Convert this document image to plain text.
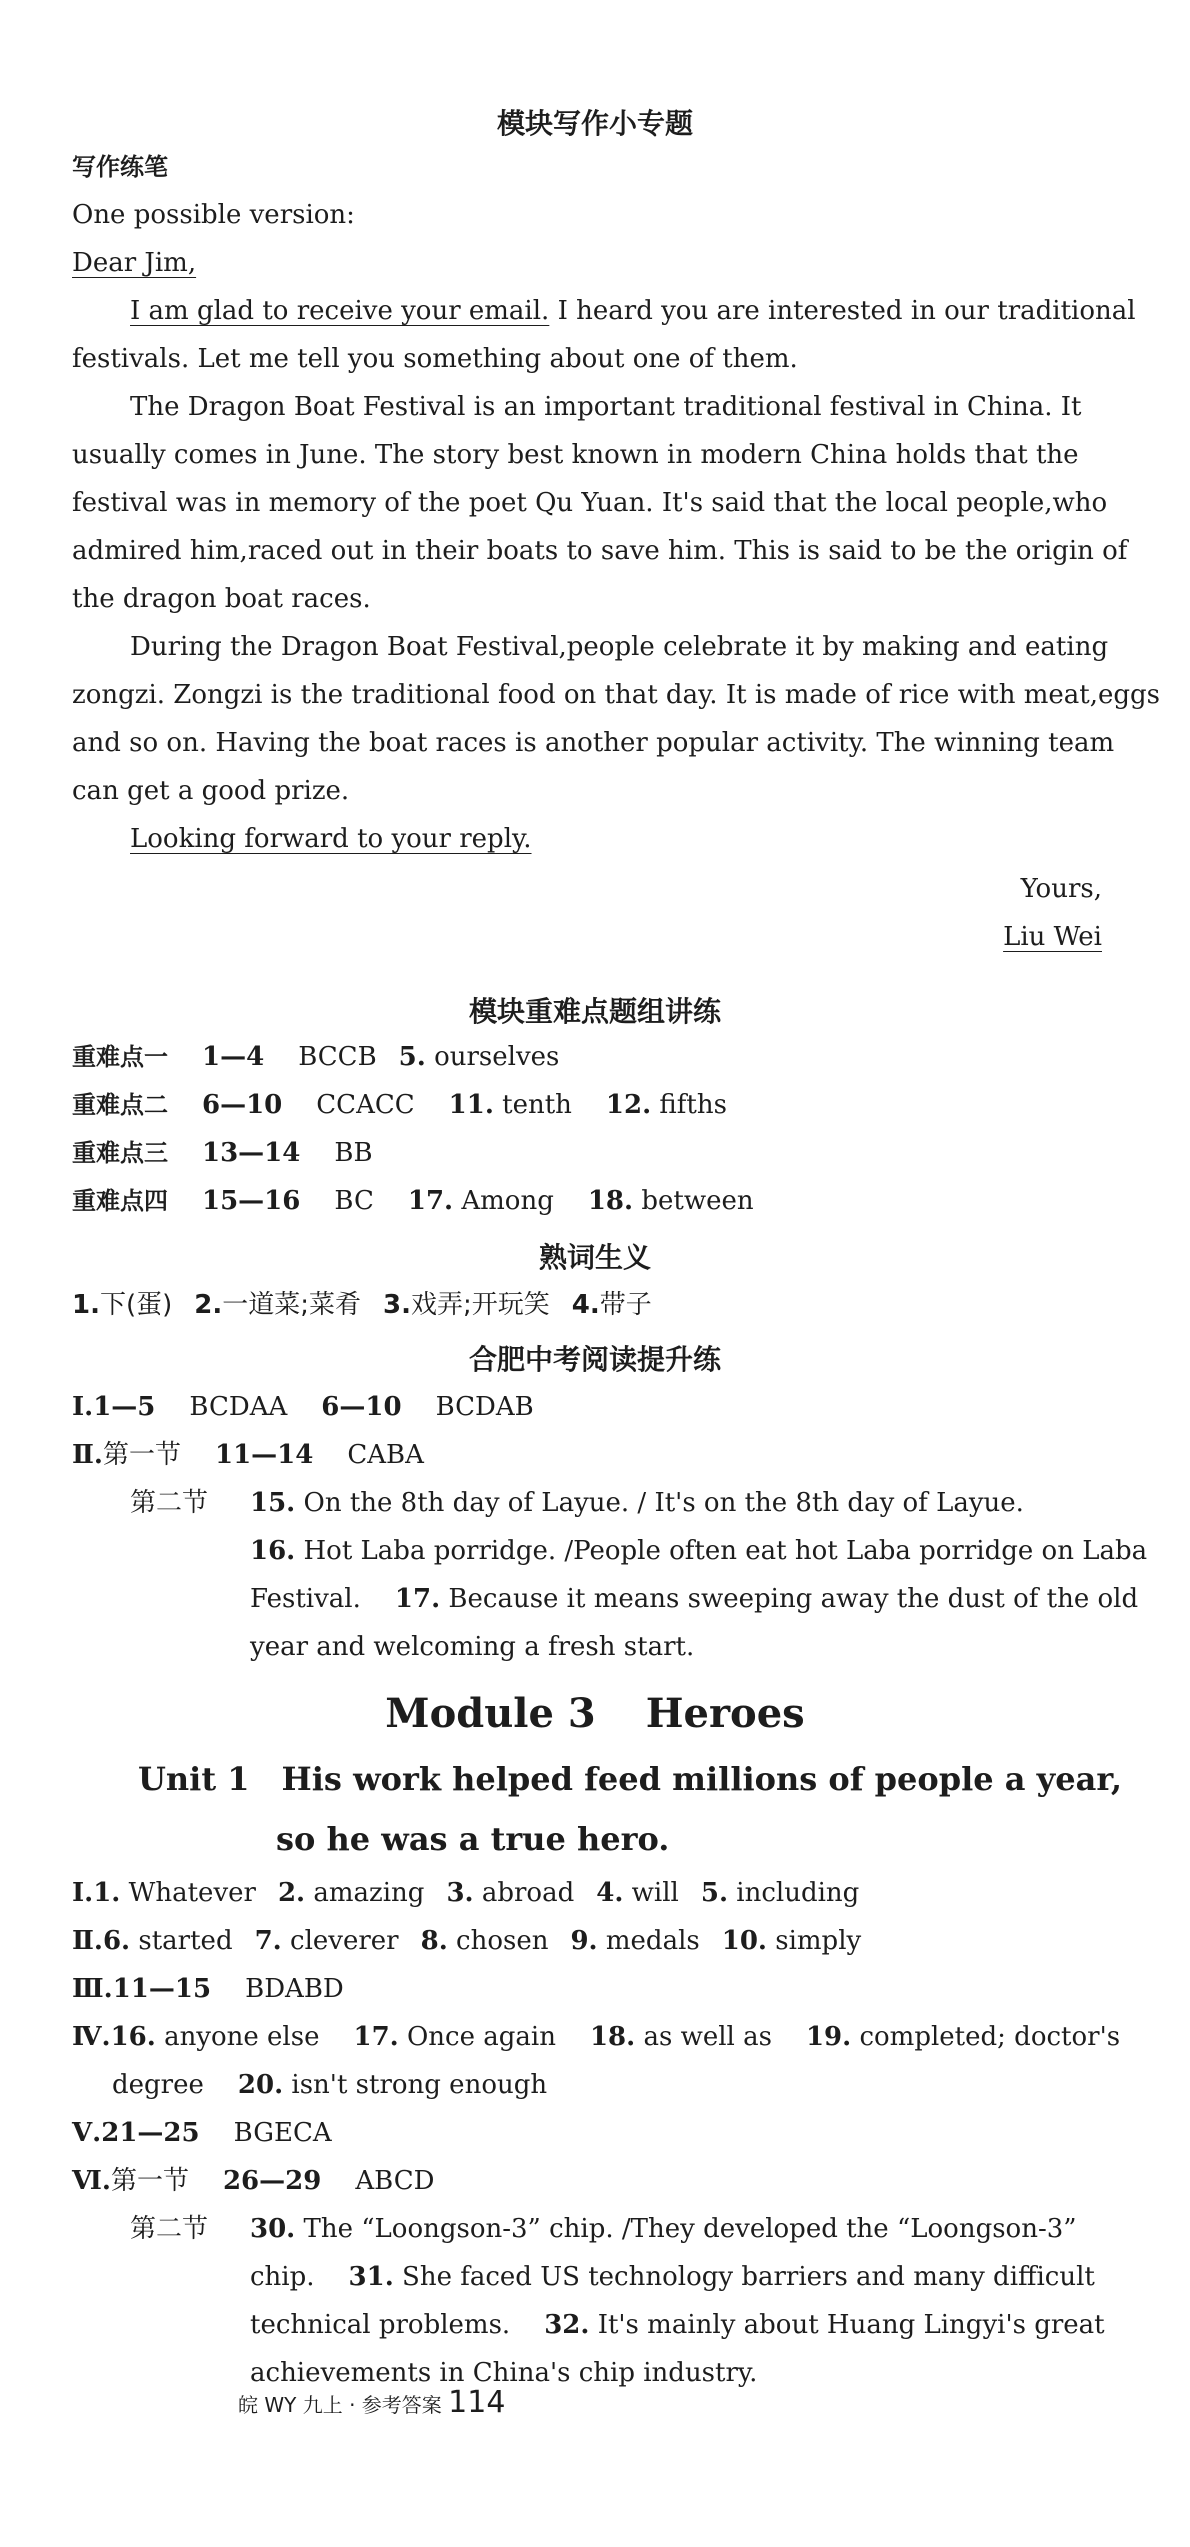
模块写作小专题
写作练笔
One possible version:
Dear Jim,
I am glad to receive your email. I heard you are interested in our traditional
festivals. Let me tell you something about one of them.
The Dragon Boat Festival is an important traditional festival in China. It
usually comes in June. The story best known in modern China holds that the
festival was in memory of the poet Qu Yuan. It's said that the local people,who
admired him,raced out in their boats to save him. This is said to be the origin of
the dragon boat races.
During the Dragon Boat Festival,people celebrate it by making and eating
zongzi. Zongzi is the traditional food on that day. It is made of rice with meat,eggs
and so on. Having the boat races is another popular activity. The winning team
can get a good prize.
Looking forward to your reply.
Yours,
Liu Wei
模块重难点题组讲练
重难点一 1—4 BCCB 5. ourselves
重难点二 6—10 CCACC 11. tenth 12. fifths
重难点三 13—14 BB
重难点四 15—16 BC 17. Among 18. between
熟词生义
1.下(蛋) 2.一道菜;菜肴 3.戏弄;开玩笑 4.带子
合肥中考阅读提升练
Ⅰ.1—5 BCDAA 6—10 BCDAB
Ⅱ.第一节 11—14 CABA
第二节 15. On the 8th day of Layue. / It's on the 8th day of Layue.
16. Hot Laba porridge. /People often eat hot Laba porridge on Laba
Festival. 17. Because it means sweeping away the dust of the old
year and welcoming a fresh start.
Module 3 Heroes
Unit 1 His work helped feed millions of people a year,
so he was a true hero.
Ⅰ.1. Whatever 2. amazing 3. abroad 4. will 5. including
Ⅱ.6. started 7. cleverer 8. chosen 9. medals 10. simply
Ⅲ.11—15 BDABD
Ⅳ.16. anyone else 17. Once again 18. as well as 19. completed; doctor's
degree 20. isn't strong enough
Ⅴ.21—25 BGECA
Ⅵ.第一节 26—29 ABCD
第二节 30. The “Loongson-3” chip. /They developed the “Loongson-3”
chip. 31. She faced US technology barriers and many difficult
technical problems. 32. It's mainly about Huang Lingyi's great
achievements in China's chip industry.
皖 WY 九上 · 参考答案 114
